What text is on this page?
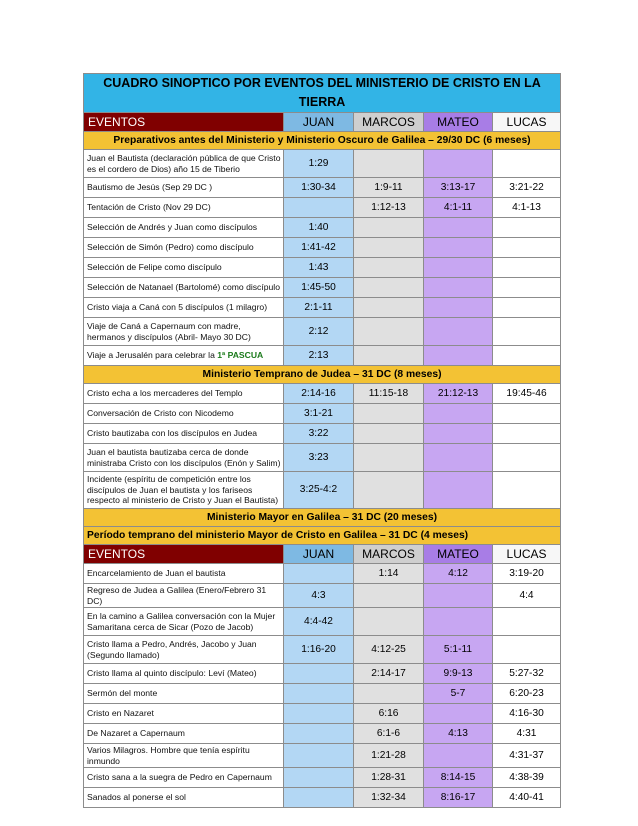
CUADRO SINOPTICO POR EVENTOS DEL MINISTERIO DE CRISTO EN LA TIERRA				
EVENTOS	JUAN	MARCOS	MATEO	LUCAS
Preparativos antes del Ministerio y Ministerio Oscuro de Galilea – 29/30 DC (6 meses)				
Juan el Bautista (declaración pública de que Cristo es el cordero de Dios) año 15 de Tiberio	1:29			
Bautismo de Jesús (Sep 29 DC )	1:30-34	1:9-11	3:13-17	3:21-22
Tentación de Cristo (Nov 29 DC)		1:12-13	4:1-11	4:1-13
Selección de Andrés y Juan como discípulos	1:40			
Selección de Simón (Pedro) como discípulo	1:41-42			
Selección de Felipe como discípulo	1:43			
Selección de Natanael (Bartolomé) como discípulo	1:45-50			
Cristo viaja a Caná con 5 discípulos (1 milagro)	2:1-11			
Viaje de Caná a Capernaum con madre, hermanos y discípulos (Abril- Mayo 30 DC)	2:12			
Viaje a Jerusalén para celebrar la 1ª PASCUA	2:13			
Ministerio Temprano de Judea – 31 DC (8 meses)				
Cristo echa a los mercaderes del Templo	2:14-16	11:15-18	21:12-13	19:45-46
Conversación de Cristo con Nicodemo	3:1-21			
Cristo bautizaba con los discípulos en Judea	3:22			
Juan el bautista bautizaba cerca de donde ministraba Cristo con los discípulos (Enón y Salim)	3:23			
Incidente (espíritu de competición entre los discípulos de Juan el bautista y los fariseos respecto al ministerio de Cristo y Juan el Bautista)	3:25-4:2			
Ministerio Mayor en Galilea – 31 DC (20 meses)				
Período temprano del ministerio Mayor de Cristo en Galilea – 31 DC (4 meses)				
EVENTOS	JUAN	MARCOS	MATEO	LUCAS
Encarcelamiento de Juan el bautista		1:14	4:12	3:19-20
Regreso de Judea a Galilea (Enero/Febrero 31 DC)	4:3			4:4
En la camino a Galilea conversación con la Mujer Samaritana cerca de Sicar (Pozo de Jacob)	4:4-42			
Cristo llama a Pedro, Andrés, Jacobo y Juan (Segundo llamado)	1:16-20	4:12-25	5:1-11	
Cristo llama al quinto discípulo: Leví (Mateo)		2:14-17	9:9-13	5:27-32
Sermón del monte			5-7	6:20-23
Cristo en Nazaret		6:16		4:16-30
De Nazaret a Capernaum		6:1-6	4:13	4:31
Varios Milagros. Hombre que tenía espíritu inmundo		1:21-28		4:31-37
Cristo sana a la suegra de Pedro en Capernaum		1:28-31	8:14-15	4:38-39
Sanados al ponerse el sol		1:32-34	8:16-17	4:40-41
